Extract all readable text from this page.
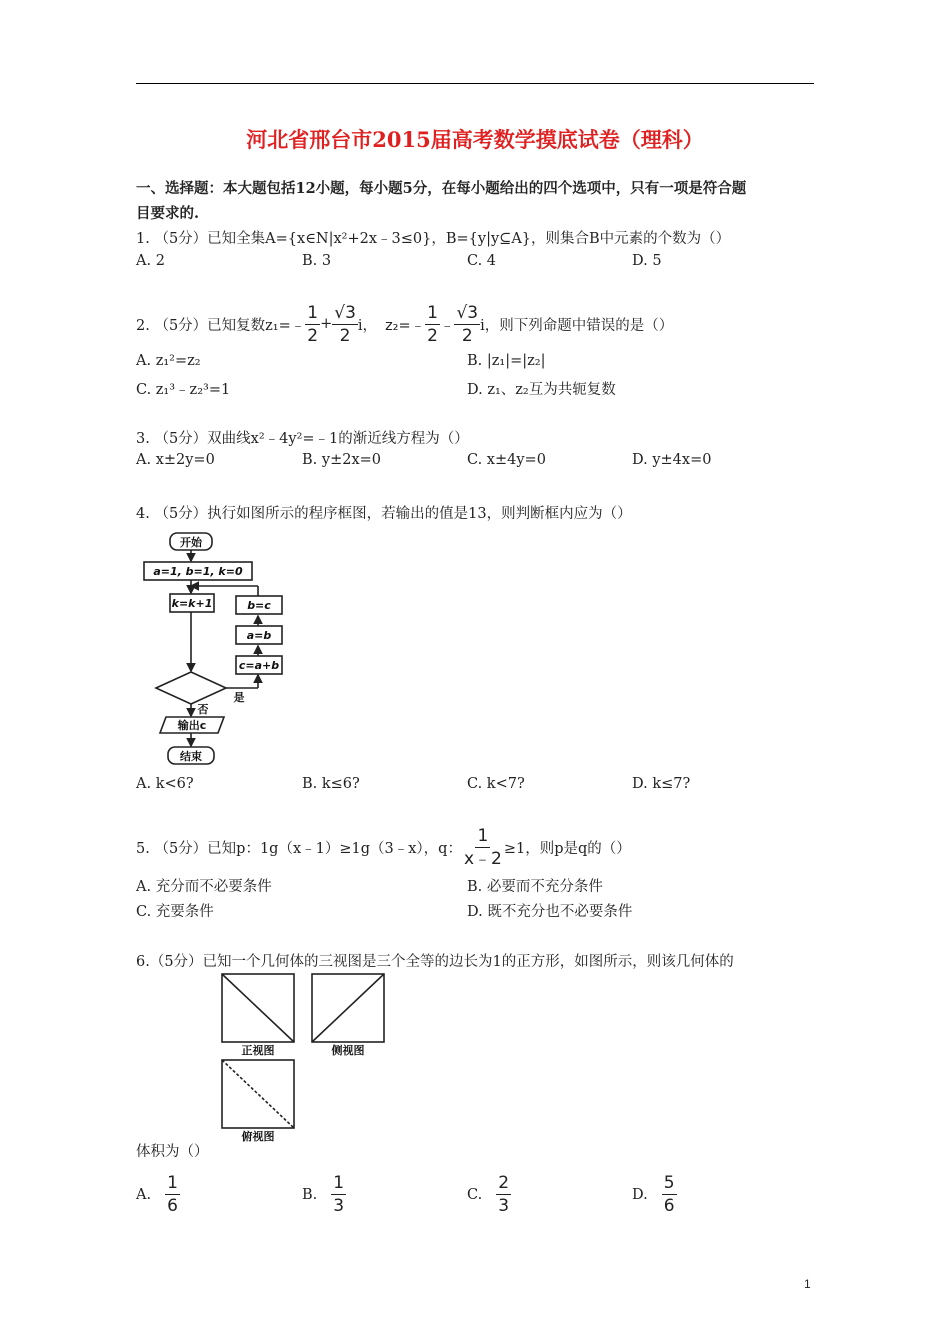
河北省邢台市2015届高考数学摸底试卷（理科）
一、选择题：本大题包括12小题，每小题5分，在每小题给出的四个选项中，只有一项是符合题
目要求的.
1. （5分）已知全集A={x∈N|x²+2x﹣3≤0}，B={y|y⊆A}，则集合B中元素的个数为（）
A. 2	B. 3	C. 4	D. 5
2. （5分）已知复数z₁=﹣ $\frac{1}{2} + \frac{√3}{2}$ i， z₂=﹣ $\frac{1}{2}$ ﹣ $\frac{√3}{2}$ i，则下列命题中错误的是（）
A. z₁²=z₂	B. |z₁|=|z₂|
C. z₁³﹣z₂³=1	D. z₁、z₂互为共轭复数
3. （5分）双曲线x²﹣4y²=﹣1的渐近线方程为（）
A. x±2y=0	B. y±2x=0	C. x±4y=0	D. y±4x=0
4. （5分）执行如图所示的程序框图，若输出的值是13，则判断框内应为（）
开始
a=1, b=1, k=0
k=k+1	b=c
a=b
c=a+b
是
否
输出c
结束
A. k<6?	B. k≤6?	C. k<7?	D. k≤7?
5. （5分）已知p：1g（x﹣1）≥1g（3﹣x），q： $\frac{1}{x﹣2} \ge 1$，则p是q的（）
A. 充分而不必要条件	B. 必要而不充分条件
C. 充要条件	D. 既不充分也不必要条件
6.（5分）已知一个几何体的三视图是三个全等的边长为1的正方形，如图所示，则该几何体的
正视图	侧视图
俯视图
体积为（）
A. $\frac{1}{6}$	B. $\frac{1}{3}$	C. $\frac{2}{3}$	D. $\frac{5}{6}$
1
